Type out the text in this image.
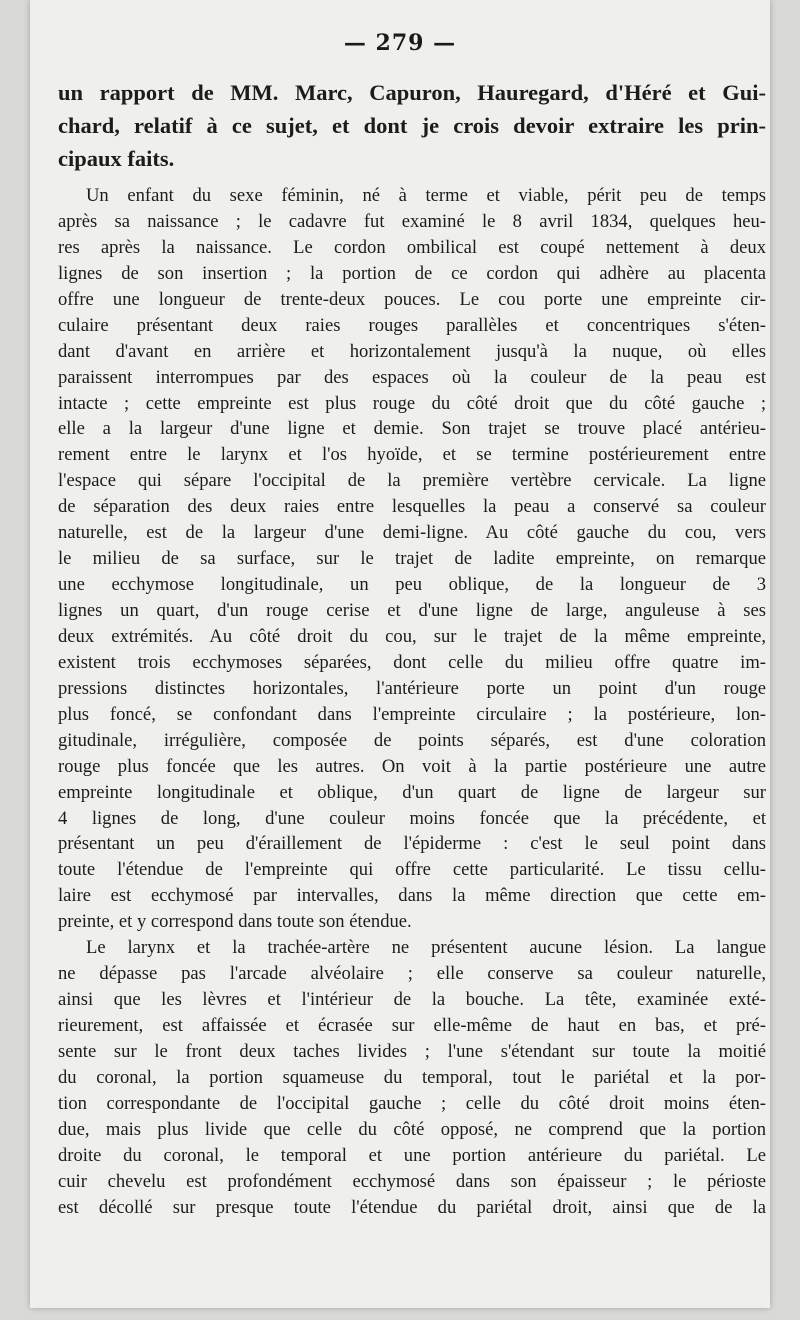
— 279 —
un rapport de MM. Marc, Capuron, Hauregard, d'Héré et Gui-
chard, relatif à ce sujet, et dont je crois devoir extraire les prin-
cipaux faits.
Un enfant du sexe féminin, né à terme et viable, périt peu de temps
après sa naissance ; le cadavre fut examiné le 8 avril 1834, quelques heu-
res après la naissance. Le cordon ombilical est coupé nettement à deux
lignes de son insertion ; la portion de ce cordon qui adhère au placenta
offre une longueur de trente-deux pouces. Le cou porte une empreinte cir-
culaire présentant deux raies rouges parallèles et concentriques s'éten-
dant d'avant en arrière et horizontalement jusqu'à la nuque, où elles
paraissent interrompues par des espaces où la couleur de la peau est
intacte ; cette empreinte est plus rouge du côté droit que du côté gauche ;
elle a la largeur d'une ligne et demie. Son trajet se trouve placé antérieu-
rement entre le larynx et l'os hyoïde, et se termine postérieurement entre
l'espace qui sépare l'occipital de la première vertèbre cervicale. La ligne
de séparation des deux raies entre lesquelles la peau a conservé sa couleur
naturelle, est de la largeur d'une demi-ligne. Au côté gauche du cou, vers
le milieu de sa surface, sur le trajet de ladite empreinte, on remarque
une ecchymose longitudinale, un peu oblique, de la longueur de 3
lignes un quart, d'un rouge cerise et d'une ligne de large, anguleuse à ses
deux extrémités. Au côté droit du cou, sur le trajet de la même empreinte,
existent trois ecchymoses séparées, dont celle du milieu offre quatre im-
pressions distinctes horizontales, l'antérieure porte un point d'un rouge
plus foncé, se confondant dans l'empreinte circulaire ; la postérieure, lon-
gitudinale, irrégulière, composée de points séparés, est d'une coloration
rouge plus foncée que les autres. On voit à la partie postérieure une autre
empreinte longitudinale et oblique, d'un quart de ligne de largeur sur
4 lignes de long, d'une couleur moins foncée que la précédente, et
présentant un peu d'éraillement de l'épiderme : c'est le seul point dans
toute l'étendue de l'empreinte qui offre cette particularité. Le tissu cellu-
laire est ecchymosé par intervalles, dans la même direction que cette em-
preinte, et y correspond dans toute son étendue.
Le larynx et la trachée-artère ne présentent aucune lésion. La langue
ne dépasse pas l'arcade alvéolaire ; elle conserve sa couleur naturelle,
ainsi que les lèvres et l'intérieur de la bouche. La tête, examinée exté-
rieurement, est affaissée et écrasée sur elle-même de haut en bas, et pré-
sente sur le front deux taches livides ; l'une s'étendant sur toute la moitié
du coronal, la portion squameuse du temporal, tout le pariétal et la por-
tion correspondante de l'occipital gauche ; celle du côté droit moins éten-
due, mais plus livide que celle du côté opposé, ne comprend que la portion
droite du coronal, le temporal et une portion antérieure du pariétal. Le
cuir chevelu est profondément ecchymosé dans son épaisseur ; le périoste
est décollé sur presque toute l'étendue du pariétal droit, ainsi que de la
